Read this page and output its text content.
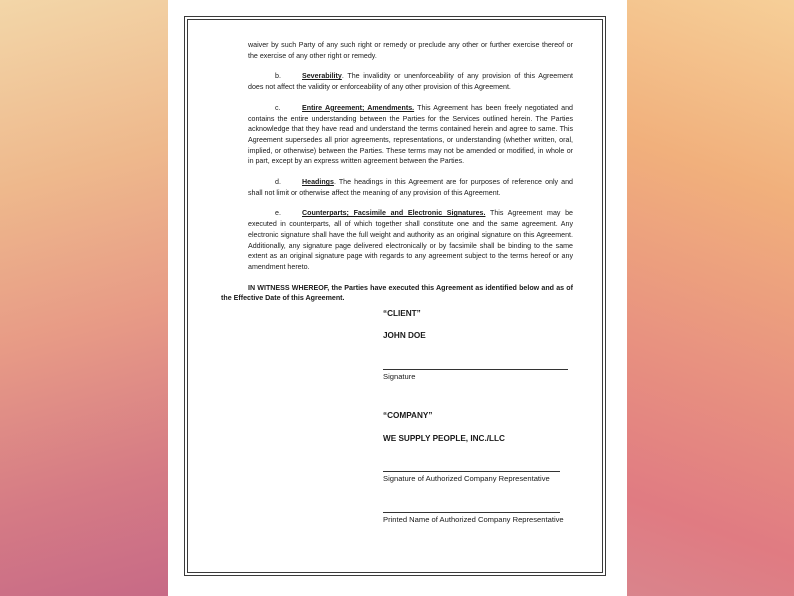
waiver by such Party of any such right or remedy or preclude any other or further exercise thereof or the exercise of any other right or remedy.

b.	Severability. The invalidity or unenforceability of any provision of this Agreement does not affect the validity or enforceability of any other provision of this Agreement.

c.	Entire Agreement; Amendments. This Agreement has been freely negotiated and contains the entire understanding between the Parties for the Services outlined herein. The Parties acknowledge that they have read and understand the terms contained herein and agree to same. This Agreement supersedes all prior agreements, representations, or understanding (whether written, oral, implied, or otherwise) between the Parties. These terms may not be amended or modified, in whole or in part, except by an express written agreement between the Parties.

d.	Headings. The headings in this Agreement are for purposes of reference only and shall not limit or otherwise affect the meaning of any provision of this Agreement.

e.	Counterparts; Facsimile and Electronic Signatures. This Agreement may be executed in counterparts, all of which together shall constitute one and the same agreement. Any electronic signature shall have the full weight and authority as an original signature on this Agreement. Additionally, any signature page delivered electronically or by facsimile shall be binding to the same extent as an original signature page with regards to any agreement subject to the terms hereof or any amendment hereto.

IN WITNESS WHEREOF, the Parties have executed this Agreement as identified below and as of the Effective Date of this Agreement.

“CLIENT”
JOHN DOE
Signature
“COMPANY”
WE SUPPLY PEOPLE, INC./LLC
Signature of Authorized Company Representative
Printed Name of Authorized Company Representative
